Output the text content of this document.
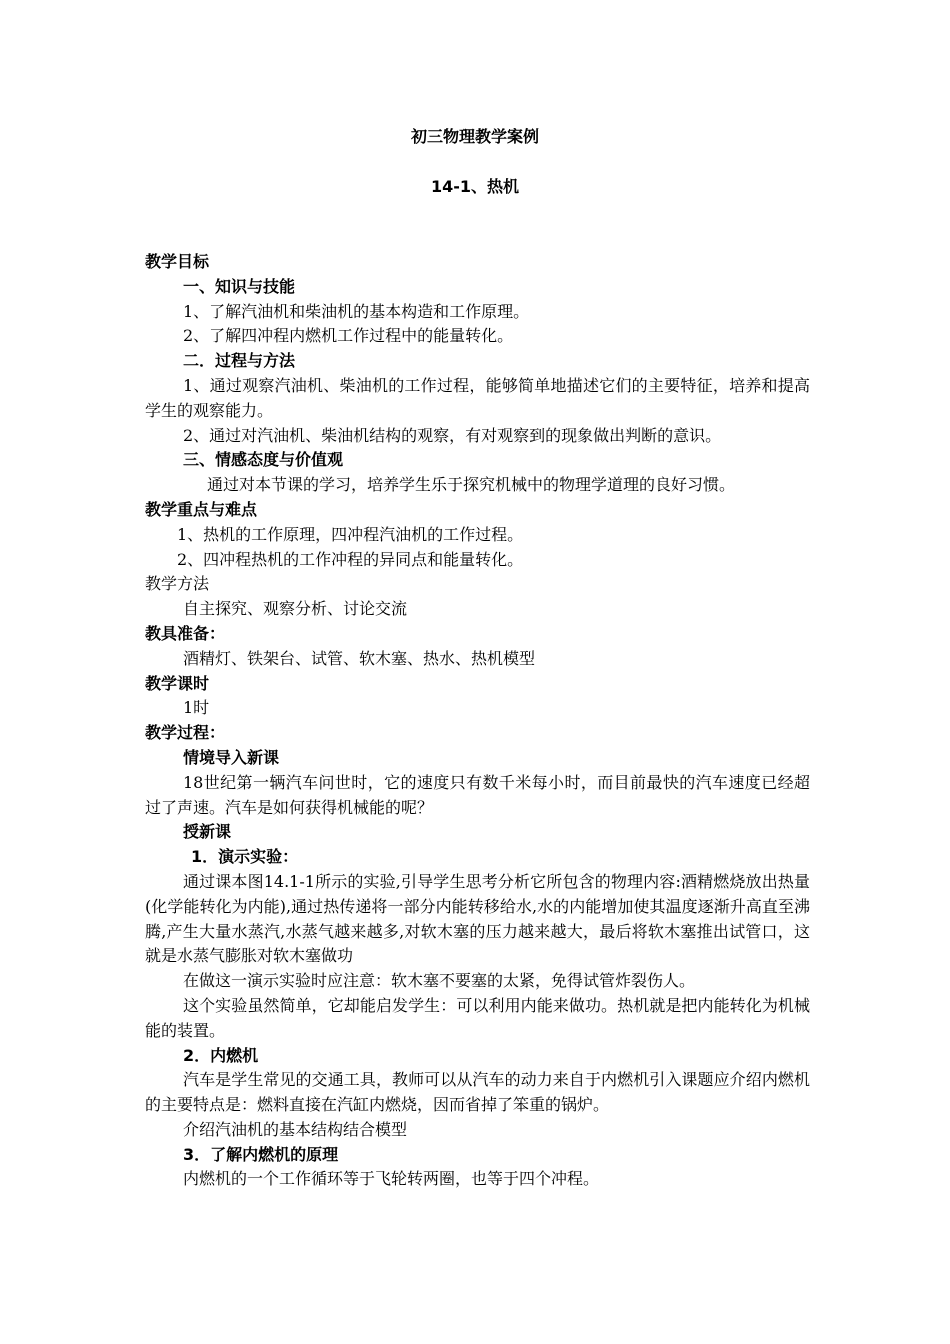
初三物理教学案例
14-1、热机

教学目标

一、知识与技能

1、了解汽油机和柴油机的基本构造和工作原理。

2、了解四冲程内燃机工作过程中的能量转化。

二．过程与方法

1、通过观察汽油机、柴油机的工作过程，能够简单地描述它们的主要特征，培养和提高学生的观察能力。

2、通过对汽油机、柴油机结构的观察，有对观察到的现象做出判断的意识。

三、情感态度与价值观

通过对本节课的学习，培养学生乐于探究机械中的物理学道理的良好习惯。

教学重点与难点

1、热机的工作原理，四冲程汽油机的工作过程。

2、四冲程热机的工作冲程的异同点和能量转化。

教学方法

自主探究、观察分析、讨论交流

教具准备：

酒精灯、铁架台、试管、软木塞、热水、热机模型

教学课时

1时

教学过程：

情境导入新课

18世纪第一辆汽车问世时，它的速度只有数千米每小时，而目前最快的汽车速度已经超过了声速。汽车是如何获得机械能的呢？

授新课

1．演示实验：

通过课本图14.1-1所示的实验,引导学生思考分析它所包含的物理内容:酒精燃烧放出热量(化学能转化为内能),通过热传递将一部分内能转移给水,水的内能增加使其温度逐渐升高直至沸腾,产生大量水蒸汽,水蒸气越来越多,对软木塞的压力越来越大，最后将软木塞推出试管口，这就是水蒸气膨胀对软木塞做功

在做这一演示实验时应注意：软木塞不要塞的太紧，免得试管炸裂伤人。

这个实验虽然简单，它却能启发学生：可以利用内能来做功。热机就是把内能转化为机械能的装置。

2．内燃机

汽车是学生常见的交通工具，教师可以从汽车的动力来自于内燃机引入课题应介绍内燃机的主要特点是：燃料直接在汽缸内燃烧，因而省掉了笨重的锅炉。

介绍汽油机的基本结构结合模型

3．了解内燃机的原理

内燃机的一个工作循环等于飞轮转两圈，也等于四个冲程。
